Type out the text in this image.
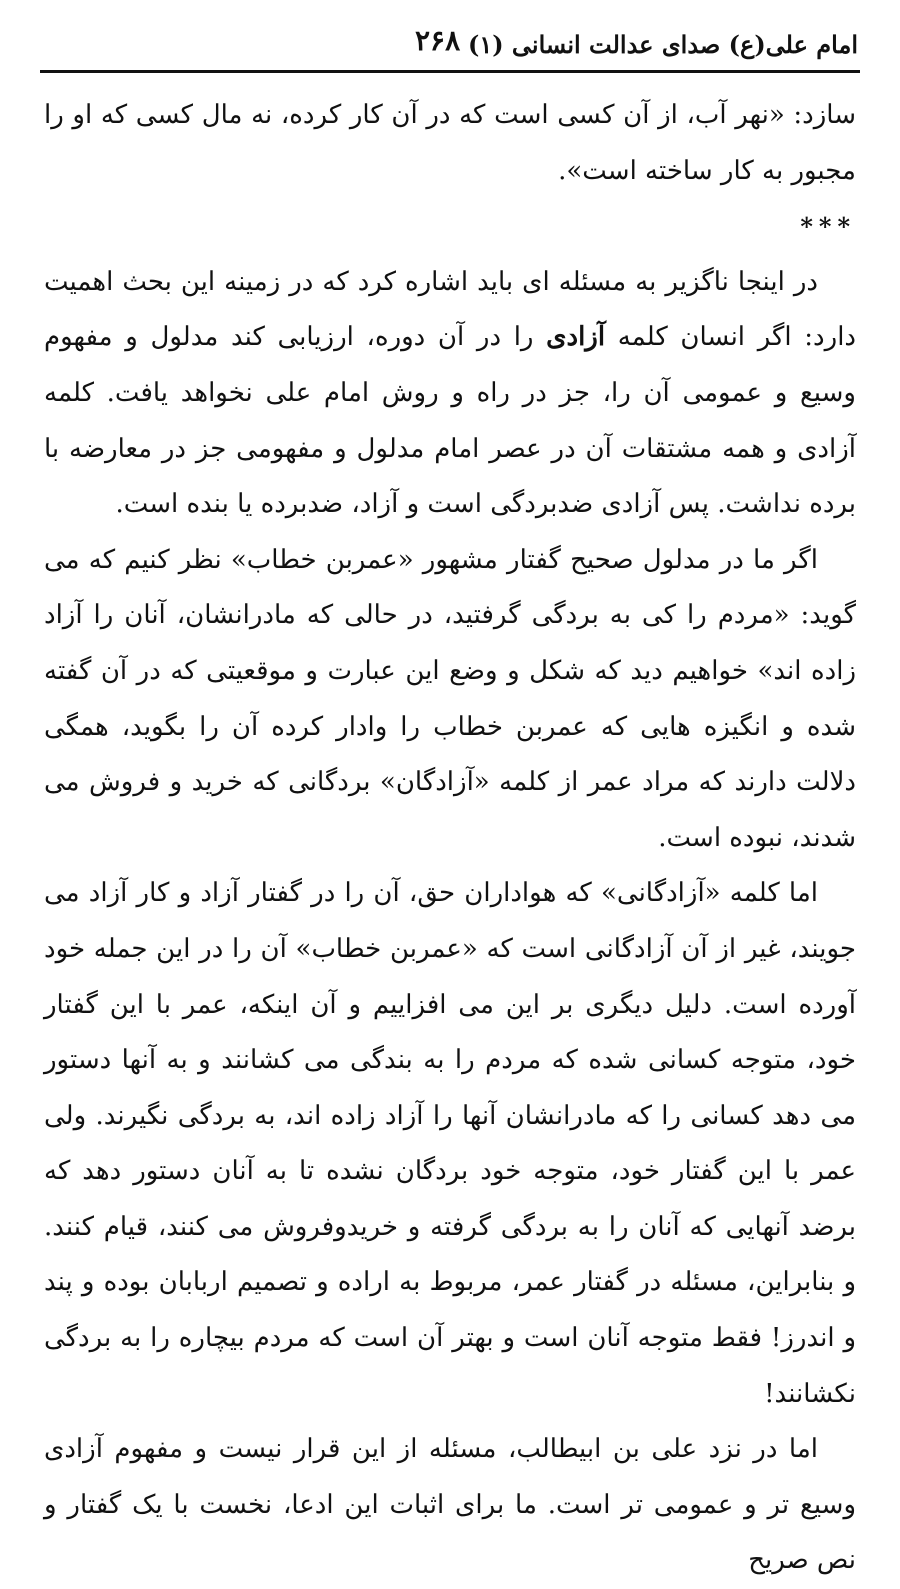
امام علی(ع) صدای عدالت انسانی (۱)
۲۶۸

سازد: «نهر آب، از آن کسی است که در آن کار کرده، نه مال کسی که او را مجبور به کار ساخته است».

***

در اینجا ناگزیر به مسئله ای باید اشاره کرد که در زمینه این بحث اهمیت دارد: اگر انسان کلمه آزادی را در آن دوره، ارزیابی کند مدلول و مفهوم وسیع و عمومی آن را، جز در راه و روش امام علی نخواهد یافت. کلمه آزادی و همه مشتقات آن در عصر امام مدلول و مفهومی جز در معارضه با برده نداشت. پس آزادی ضدبردگی است و آزاد، ضدبرده یا بنده است.

اگر ما در مدلول صحیح گفتار مشهور «عمربن خطاب» نظر کنیم که می گوید: «مردم را کی به بردگی گرفتید، در حالی که مادرانشان، آنان را آزاد زاده اند» خواهیم دید که شکل و وضع این عبارت و موقعیتی که در آن گفته شده و انگیزه هایی که عمربن خطاب را وادار کرده آن را بگوید، همگی دلالت دارند که مراد عمر از کلمه «آزادگان» بردگانی که خرید و فروش می شدند، نبوده است.

اما کلمه «آزادگانی» که هواداران حق، آن را در گفتار آزاد و کار آزاد می جویند، غیر از آن آزادگانی است که «عمربن خطاب» آن را در این جمله خود آورده است. دلیل دیگری بر این می افزاییم و آن اینکه، عمر با این گفتار خود، متوجه کسانی شده که مردم را به بندگی می کشانند و به آنها دستور می دهد کسانی را که مادرانشان آنها را آزاد زاده اند، به بردگی نگیرند. ولی عمر با این گفتار خود، متوجه خود بردگان نشده تا به آنان دستور دهد که برضد آنهایی که آنان را به بردگی گرفته و خریدوفروش می کنند، قیام کنند. و بنابراین، مسئله در گفتار عمر، مربوط به اراده و تصمیم اربابان بوده و پند و اندرز! فقط متوجه آنان است و بهتر آن است که مردم بیچاره را به بردگی نکشانند!

اما در نزد علی بن ابیطالب، مسئله از این قرار نیست و مفهوم آزادی وسیع تر و عمومی تر است. ما برای اثبات این ادعا، نخست با یک گفتار و نص صریح
